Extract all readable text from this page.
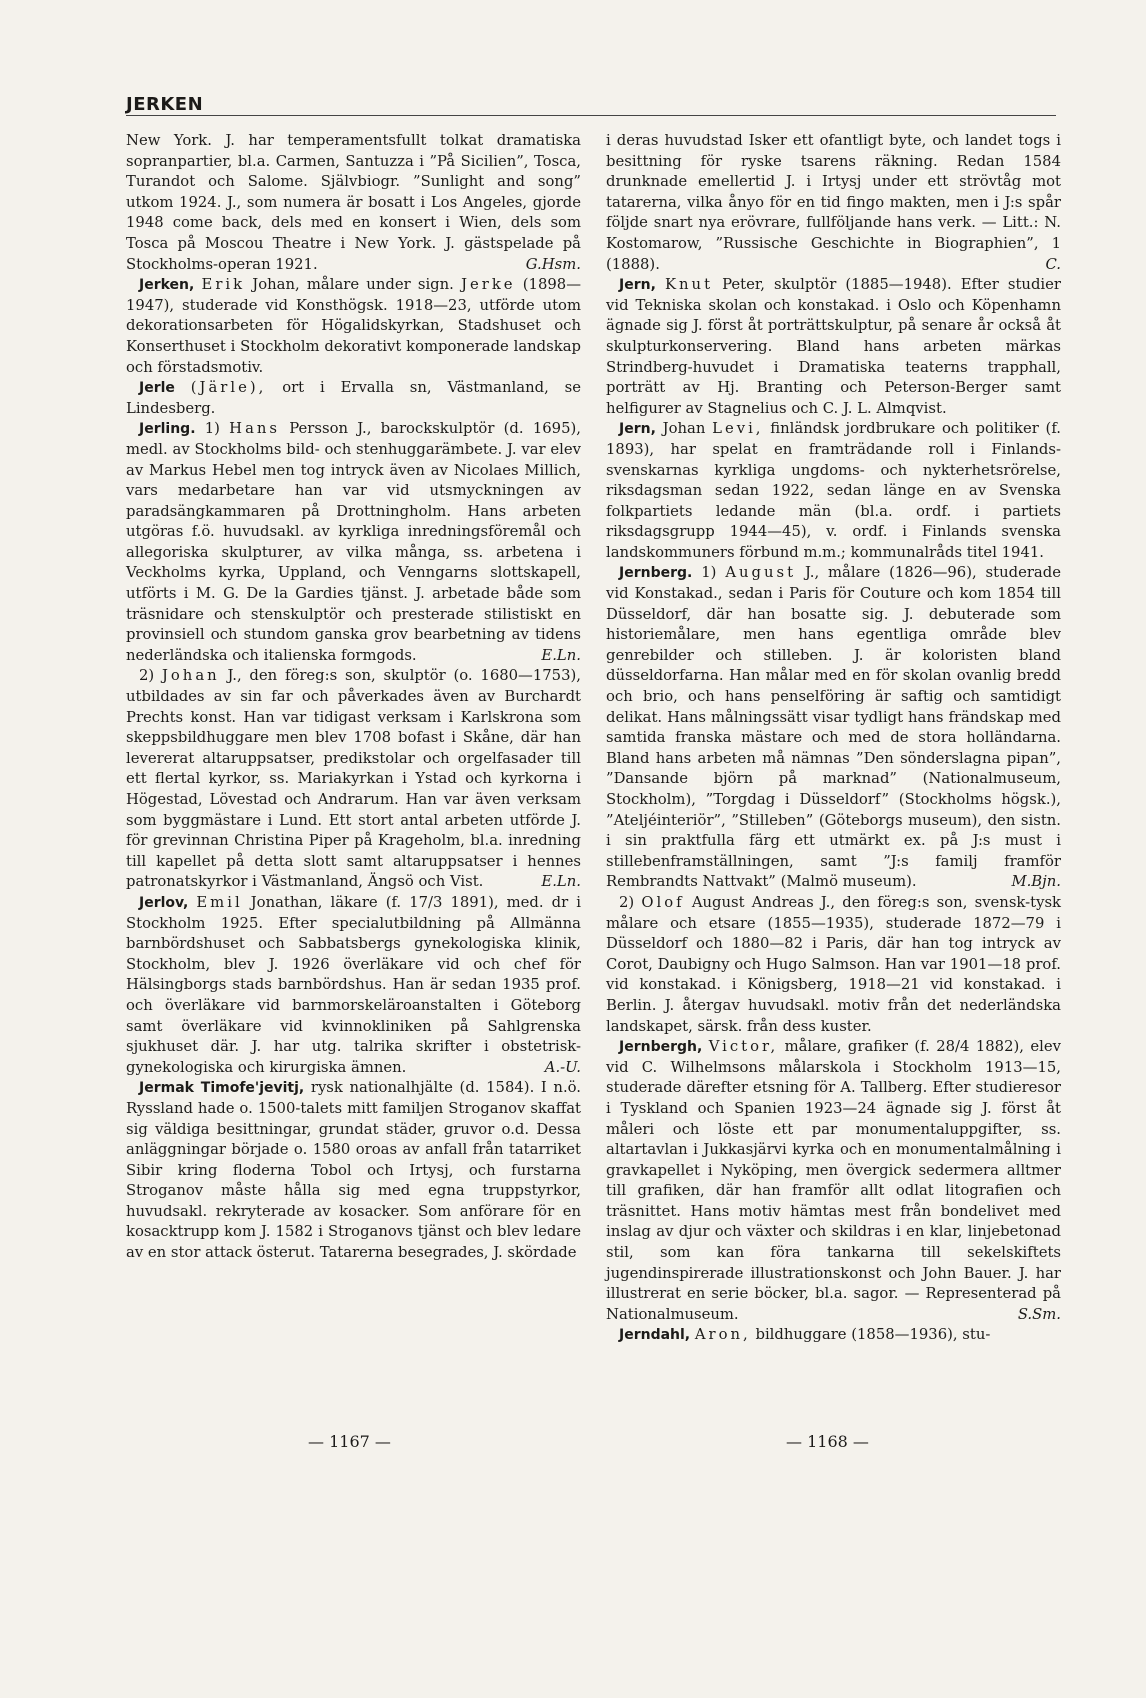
JERKEN

New York. J. har temperamentsfullt tolkat dramatiska sopranpartier, bl.a. Carmen, Santuzza i ”På Sicilien”, Tosca, Turandot och Salome. Självbiogr. ”Sunlight and song” utkom 1924. J., som numera är bosatt i Los Angeles, gjorde 1948 come back, dels med en konsert i Wien, dels som Tosca på Moscou Theatre i New York. J. gästspelade på Stockholms-operan 1921.	G.Hsm.

Jerken, Erik Johan, målare under sign. Jerke (1898—1947), studerade vid Konsthögsk. 1918—23, utförde utom dekorationsarbeten för Högalidskyrkan, Stadshuset och Konserthuset i Stockholm dekorativt komponerade landskap och förstadsmotiv.

Jerle (Järle), ort i Ervalla sn, Västmanland, se Lindesberg.

Jerling. 1) Hans Persson J., barockskulptör (d. 1695), medl. av Stockholms bild- och stenhuggarämbete. J. var elev av Markus Hebel men tog intryck även av Nicolaes Millich, vars medarbetare han var vid utsmyckningen av paradsängkammaren på Drottningholm. Hans arbeten utgöras f.ö. huvudsakl. av kyrkliga inredningsföremål och allegoriska skulpturer, av vilka många, ss. arbetena i Veckholms kyrka, Uppland, och Venngarns slottskapell, utförts i M. G. De la Gardies tjänst. J. arbetade både som träsnidare och stenskulptör och presterade stilistiskt en provinsiell och stundom ganska grov bearbetning av tidens nederländska och italienska formgods.	E.Ln.

2) Johan J., den föreg:s son, skulptör (o. 1680—1753), utbildades av sin far och påverkades även av Burchardt Prechts konst. Han var tidigast verksam i Karlskrona som skeppsbildhuggare men blev 1708 bofast i Skåne, där han levererat altaruppsatser, predikstolar och orgelfasader till ett flertal kyrkor, ss. Mariakyrkan i Ystad och kyrkorna i Högestad, Lövestad och Andrarum. Han var även verksam som byggmästare i Lund. Ett stort antal arbeten utförde J. för grevinnan Christina Piper på Krageholm, bl.a. inredning till kapellet på detta slott samt altaruppsatser i hennes patronatskyrkor i Västmanland, Ängsö och Vist.	E.Ln.

Jerlov, Emil Jonathan, läkare (f. 17/3 1891), med. dr i Stockholm 1925. Efter specialutbildning på Allmänna barnbördshuset och Sabbatsbergs gynekologiska klinik, Stockholm, blev J. 1926 överläkare vid och chef för Hälsingborgs stads barnbördshus. Han är sedan 1935 prof. och överläkare vid barnmorskeläroanstalten i Göteborg samt överläkare vid kvinnokliniken på Sahlgrenska sjukhuset där. J. har utg. talrika skrifter i obstetrisk-gynekologiska och kirurgiska ämnen.	A.-U.

Jermak Timofe'jevitj, rysk nationalhjälte (d. 1584). I n.ö. Ryssland hade o. 1500-talets mitt familjen Stroganov skaffat sig väldiga besittningar, grundat städer, gruvor o.d. Dessa anläggningar började o. 1580 oroas av anfall från tatarriket Sibir kring floderna Tobol och Irtysj, och furstarna Stroganov måste hålla sig med egna truppstyrkor, huvudsakl. rekryterade av kosacker. Som anförare för en kosacktrupp kom J. 1582 i Stroganovs tjänst och blev ledare av en stor attack österut. Tatarerna besegrades, J. skördade

i deras huvudstad Isker ett ofantligt byte, och landet togs i besittning för ryske tsarens räkning. Redan 1584 drunknade emellertid J. i Irtysj under ett strövtåg mot tatarerna, vilka ånyo för en tid fingo makten, men i J:s spår följde snart nya erövrare, fullföljande hans verk. — Litt.: N. Kostomarow, ”Russische Geschichte in Biographien”, 1 (1888).	C.

Jern, Knut Peter, skulptör (1885—1948). Efter studier vid Tekniska skolan och konstakad. i Oslo och Köpenhamn ägnade sig J. först åt porträttskulptur, på senare år också åt skulpturkonservering. Bland hans arbeten märkas Strindberg-huvudet i Dramatiska teaterns trapphall, porträtt av Hj. Branting och Peterson-Berger samt helfigurer av Stagnelius och C. J. L. Almqvist.

Jern, Johan Levi, finländsk jordbrukare och politiker (f. 1893), har spelat en framträdande roll i Finlands-svenskarnas kyrkliga ungdoms- och nykterhetsrörelse, riksdagsman sedan 1922, sedan länge en av Svenska folkpartiets ledande män (bl.a. ordf. i partiets riksdagsgrupp 1944—45), v. ordf. i Finlands svenska landskommuners förbund m.m.; kommunalråds titel 1941.

Jernberg. 1) August J., målare (1826—96), studerade vid Konstakad., sedan i Paris för Couture och kom 1854 till Düsseldorf, där han bosatte sig. J. debuterade som historiemålare, men hans egentliga område blev genrebilder och stilleben. J. är koloristen bland düsseldorfarna. Han målar med en för skolan ovanlig bredd och brio, och hans penselföring är saftig och samtidigt delikat. Hans målningssätt visar tydligt hans frändskap med samtida franska mästare och med de stora holländarna. Bland hans arbeten må nämnas ”Den sönderslagna pipan”, ”Dansande björn på marknad” (Nationalmuseum, Stockholm), ”Torgdag i Düsseldorf” (Stockholms högsk.), ”Ateljéinteriör”, ”Stilleben” (Göteborgs museum), den sistn. i sin praktfulla färg ett utmärkt ex. på J:s must i stillebenframställningen, samt ”J:s familj framför Rembrandts Nattvakt” (Malmö museum).	M.Bjn.

2) Olof August Andreas J., den föreg:s son, svensk-tysk målare och etsare (1855—1935), studerade 1872—79 i Düsseldorf och 1880—82 i Paris, där han tog intryck av Corot, Daubigny och Hugo Salmson. Han var 1901—18 prof. vid konstakad. i Königsberg, 1918—21 vid konstakad. i Berlin. J. återgav huvudsakl. motiv från det nederländska landskapet, särsk. från dess kuster.

Jernbergh, Victor, målare, grafiker (f. 28/4 1882), elev vid C. Wilhelmsons målarskola i Stockholm 1913—15, studerade därefter etsning för A. Tallberg. Efter studieresor i Tyskland och Spanien 1923—24 ägnade sig J. först åt måleri och löste ett par monumentaluppgifter, ss. altartavlan i Jukkasjärvi kyrka och en monumentalmålning i gravkapellet i Nyköping, men övergick sedermera alltmer till grafiken, där han framför allt odlat litografien och träsnittet. Hans motiv hämtas mest från bondelivet med inslag av djur och växter och skildras i en klar, linjebetonad stil, som kan föra tankarna till sekelskiftets jugendinspirerade illustrationskonst och John Bauer. J. har illustrerat en serie böcker, bl.a. sagor. — Representerad på Nationalmuseum.	S.Sm.

Jerndahl, Aron, bildhuggare (1858—1936), stu-

— 1167 —	— 1168 —
